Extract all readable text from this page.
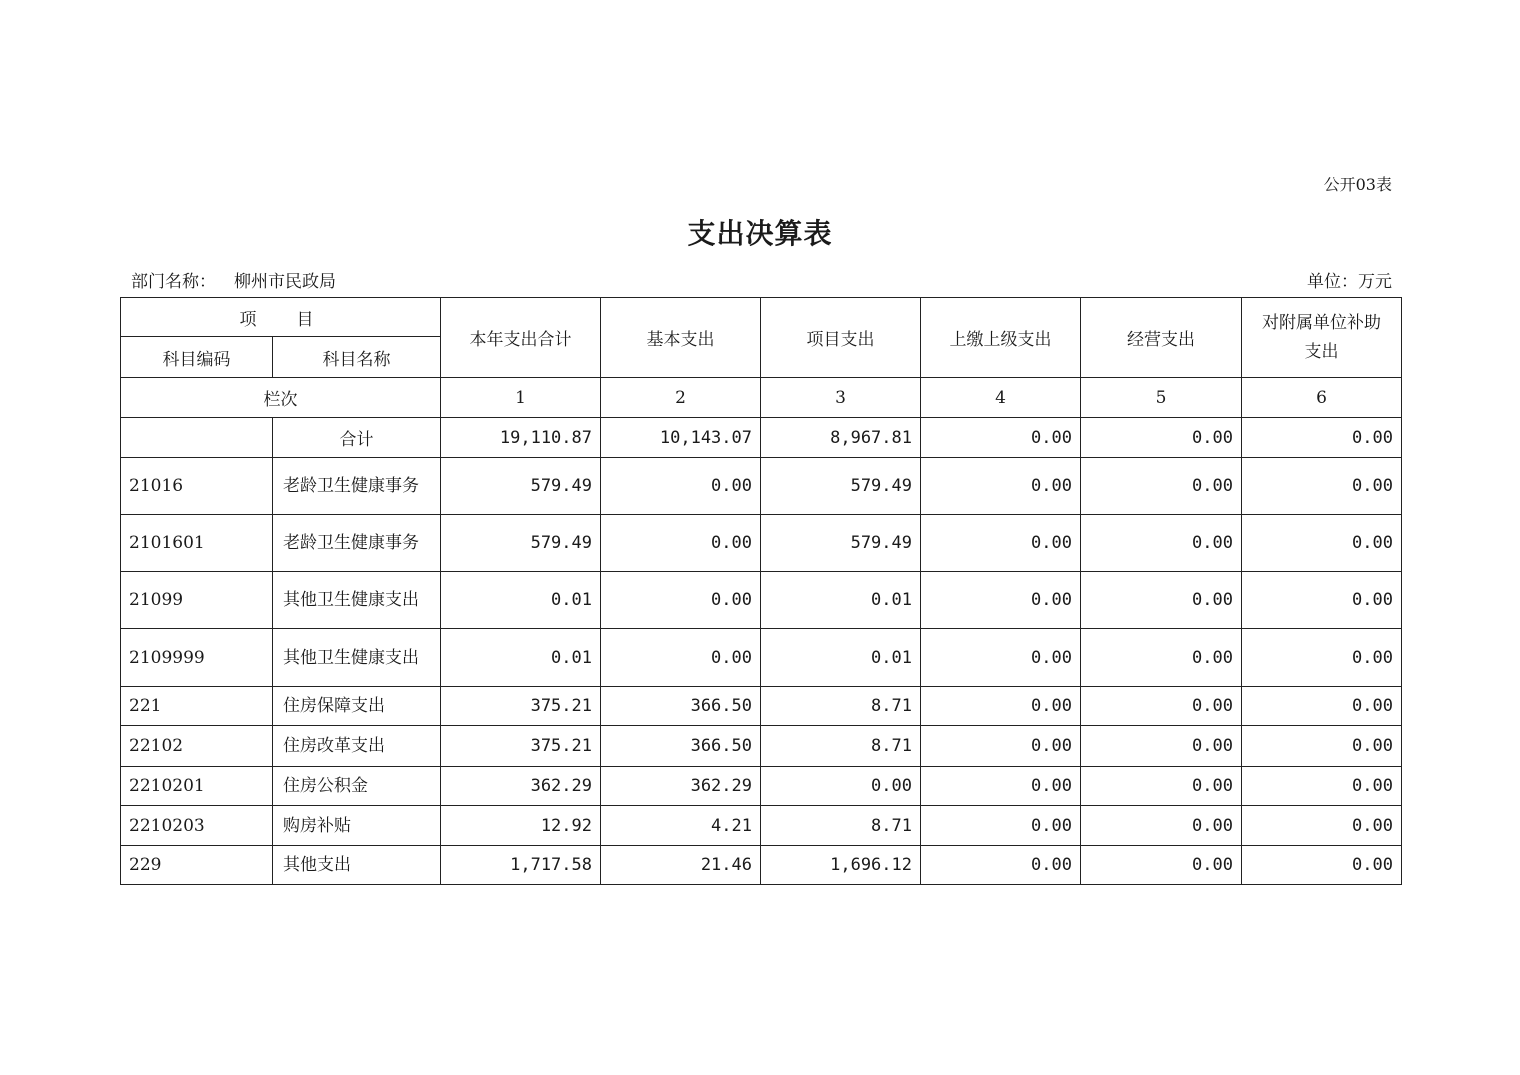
公开03表
支出决算表
部门名称： 柳州市民政局	单位：万元
项目		本年支出合计	基本支出	项目支出	上缴上级支出	经营支出	对附属单位补助支出
科目编码	科目名称						
栏次		1	2	3	4	5	6
	合计	19,110.87	10,143.07	8,967.81	0.00	0.00	0.00
21016	老龄卫生健康事务	579.49	0.00	579.49	0.00	0.00	0.00
2101601	老龄卫生健康事务	579.49	0.00	579.49	0.00	0.00	0.00
21099	其他卫生健康支出	0.01	0.00	0.01	0.00	0.00	0.00
2109999	其他卫生健康支出	0.01	0.00	0.01	0.00	0.00	0.00
221	住房保障支出	375.21	366.50	8.71	0.00	0.00	0.00
22102	住房改革支出	375.21	366.50	8.71	0.00	0.00	0.00
2210201	住房公积金	362.29	362.29	0.00	0.00	0.00	0.00
2210203	购房补贴	12.92	4.21	8.71	0.00	0.00	0.00
229	其他支出	1,717.58	21.46	1,696.12	0.00	0.00	0.00
